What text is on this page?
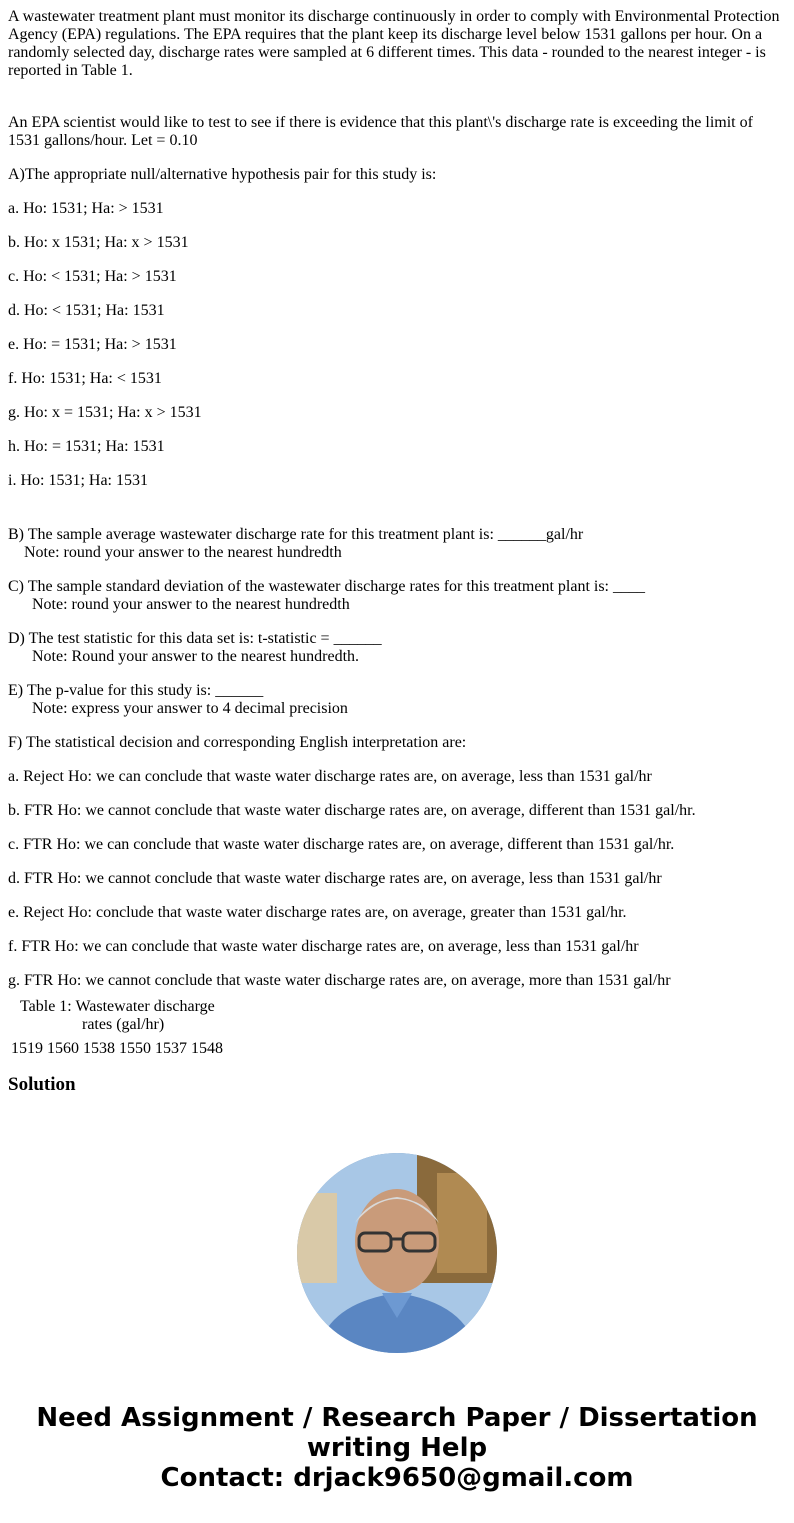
A wastewater treatment plant must monitor its discharge continuously in order to comply with Environmental Protection Agency (EPA) regulations. The EPA requires that the plant keep its discharge level below 1531 gallons per hour. On a randomly selected day, discharge rates were sampled at 6 different times. This data - rounded to the nearest integer - is reported in Table 1.

An EPA scientist would like to test to see if there is evidence that this plant\'s discharge rate is exceeding the limit of 1531 gallons/hour. Let = 0.10

A)The appropriate null/alternative hypothesis pair for this study is:

a. Ho: 1531; Ha: > 1531

b. Ho: x 1531; Ha: x > 1531

c. Ho: < 1531; Ha: > 1531

d. Ho: < 1531; Ha: 1531

e. Ho: = 1531; Ha: > 1531

f. Ho: 1531; Ha: < 1531

g. Ho: x = 1531; Ha: x > 1531

h. Ho: = 1531; Ha: 1531

i. Ho: 1531; Ha: 1531

B) The sample average wastewater discharge rate for this treatment plant is: ______gal/hr

Note: round your answer to the nearest hundredth

C) The sample standard deviation of the wastewater discharge rates for this treatment plant is: ____

Note: round your answer to the nearest hundredth

D) The test statistic for this data set is: t-statistic = ______

Note: Round your answer to the nearest hundredth.

E) The p-value for this study is: ______

Note: express your answer to 4 decimal precision

F) The statistical decision and corresponding English interpretation are:

a. Reject Ho: we can conclude that waste water discharge rates are, on average, less than 1531 gal/hr

b. FTR Ho: we cannot conclude that waste water discharge rates are, on average, different than 1531 gal/hr.

c. FTR Ho: we can conclude that waste water discharge rates are, on average, different than 1531 gal/hr.

d. FTR Ho: we cannot conclude that waste water discharge rates are, on average, less than 1531 gal/hr

e. Reject Ho: conclude that waste water discharge rates are, on average, greater than 1531 gal/hr.

f. FTR Ho: we can conclude that waste water discharge rates are, on average, less than 1531 gal/hr

g. FTR Ho: we cannot conclude that waste water discharge rates are, on average, more than 1531 gal/hr

Table 1: Wastewater discharge
rates (gal/hr)
1519 1560 1538 1550 1537 1548
Solution
Need Assignment / Research Paper / Dissertation
writing Help
Contact: drjack9650@gmail.com
